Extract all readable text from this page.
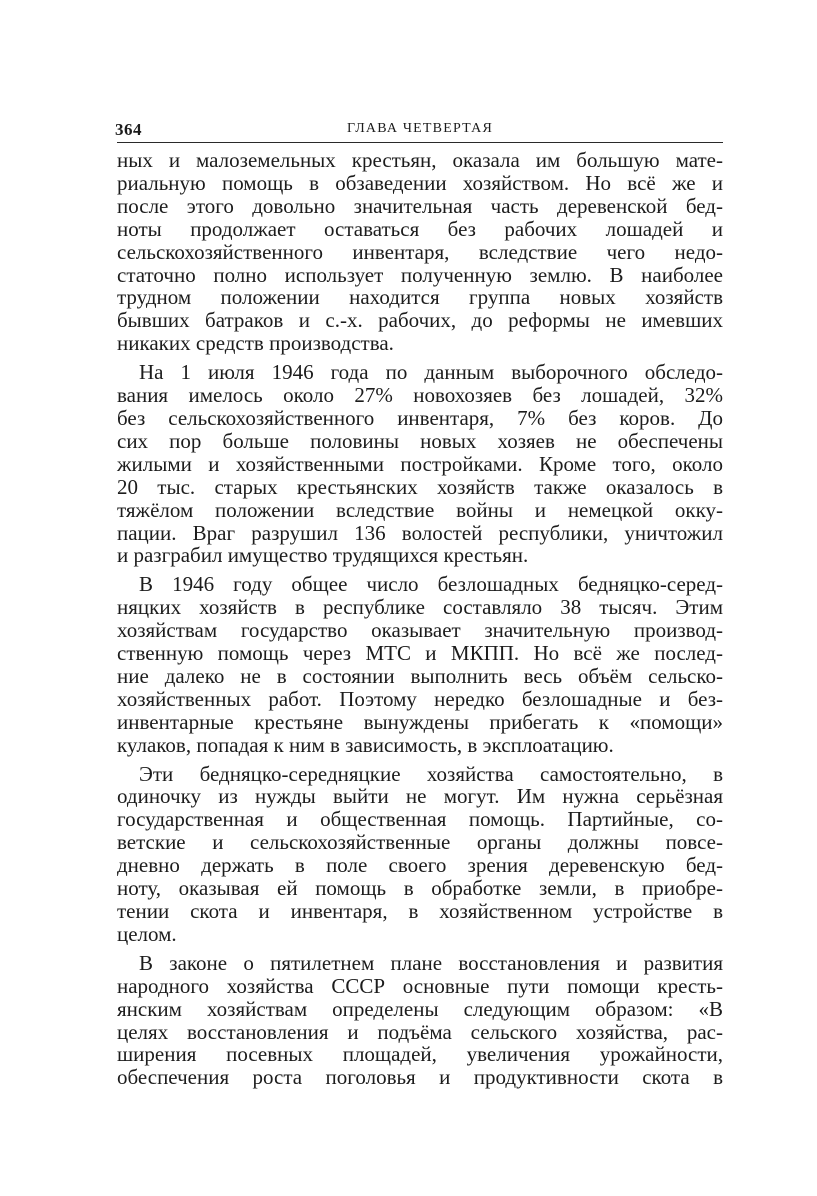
364	ГЛАВА ЧЕТВЕРТАЯ

ных и малоземельных крестьян, оказала им большую мате-
риальную помощь в обзаведении хозяйством. Но всё же и
после этого довольно значительная часть деревенской бед-
ноты продолжает оставаться без рабочих лошадей и
сельскохозяйственного инвентаря, вследствие чего недо-
статочно полно использует полученную землю. В наиболее
трудном положении находится группа новых хозяйств
бывших батраков и с.-х. рабочих, до реформы не имевших
никаких средств производства.

На 1 июля 1946 года по данным выборочного обследо-
вания имелось около 27% новохозяев без лошадей, 32%
без сельскохозяйственного инвентаря, 7% без коров. До
сих пор больше половины новых хозяев не обеспечены
жилыми и хозяйственными постройками. Кроме того, около
20 тыс. старых крестьянских хозяйств также оказалось в
тяжёлом положении вследствие войны и немецкой окку-
пации. Враг разрушил 136 волостей республики, уничтожил
и разграбил имущество трудящихся крестьян.

В 1946 году общее число безлошадных бедняцко-серед-
няцких хозяйств в республике составляло 38 тысяч. Этим
хозяйствам государство оказывает значительную производ-
ственную помощь через МТС и МКПП. Но всё же послед-
ние далеко не в состоянии выполнить весь объём сельско-
хозяйственных работ. Поэтому нередко безлошадные и без-
инвентарные крестьяне вынуждены прибегать к «помощи»
кулаков, попадая к ним в зависимость, в эксплоатацию.

Эти бедняцко-середняцкие хозяйства самостоятельно, в
одиночку из нужды выйти не могут. Им нужна серьёзная
государственная и общественная помощь. Партийные, со-
ветские и сельскохозяйственные органы должны повсе-
дневно держать в поле своего зрения деревенскую бед-
ноту, оказывая ей помощь в обработке земли, в приобре-
тении скота и инвентаря, в хозяйственном устройстве в
целом.

В законе о пятилетнем плане восстановления и развития
народного хозяйства СССР основные пути помощи кресть-
янским хозяйствам определены следующим образом: «В
целях восстановления и подъёма сельского хозяйства, рас-
ширения посевных площадей, увеличения урожайности,
обеспечения роста поголовья и продуктивности скота в
